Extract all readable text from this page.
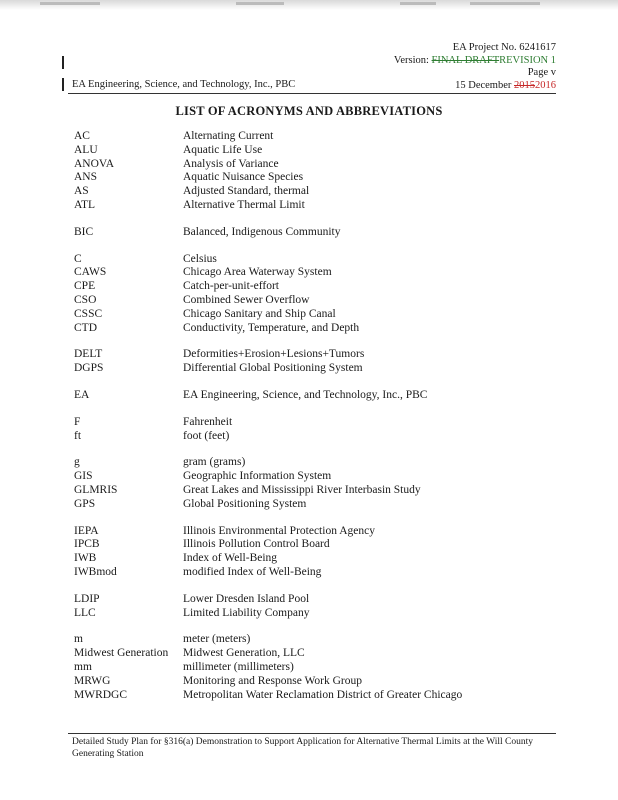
EA Project No. 6241617
Version: FINAL DRAFTREVISION 1
Page v
15 December 20152016
EA Engineering, Science, and Technology, Inc., PBC
LIST OF ACRONYMS AND ABBREVIATIONS
AC	Alternating Current
ALU	Aquatic Life Use
ANOVA	Analysis of Variance
ANS	Aquatic Nuisance Species
AS	Adjusted Standard, thermal
ATL	Alternative Thermal Limit
BIC	Balanced, Indigenous Community
C	Celsius
CAWS	Chicago Area Waterway System
CPE	Catch-per-unit-effort
CSO	Combined Sewer Overflow
CSSC	Chicago Sanitary and Ship Canal
CTD	Conductivity, Temperature, and Depth
DELT	Deformities+Erosion+Lesions+Tumors
DGPS	Differential Global Positioning System
EA	EA Engineering, Science, and Technology, Inc., PBC
F	Fahrenheit
ft	foot (feet)
g	gram (grams)
GIS	Geographic Information System
GLMRIS	Great Lakes and Mississippi River Interbasin Study
GPS	Global Positioning System
IEPA	Illinois Environmental Protection Agency
IPCB	Illinois Pollution Control Board
IWB	Index of Well-Being
IWBmod	modified Index of Well-Being
LDIP	Lower Dresden Island Pool
LLC	Limited Liability Company
m	meter (meters)
Midwest Generation	Midwest Generation, LLC
mm	millimeter (millimeters)
MRWG	Monitoring and Response Work Group
MWRDGC	Metropolitan Water Reclamation District of Greater Chicago
Detailed Study Plan for §316(a) Demonstration to Support Application for Alternative Thermal Limits at the Will County Generating Station
